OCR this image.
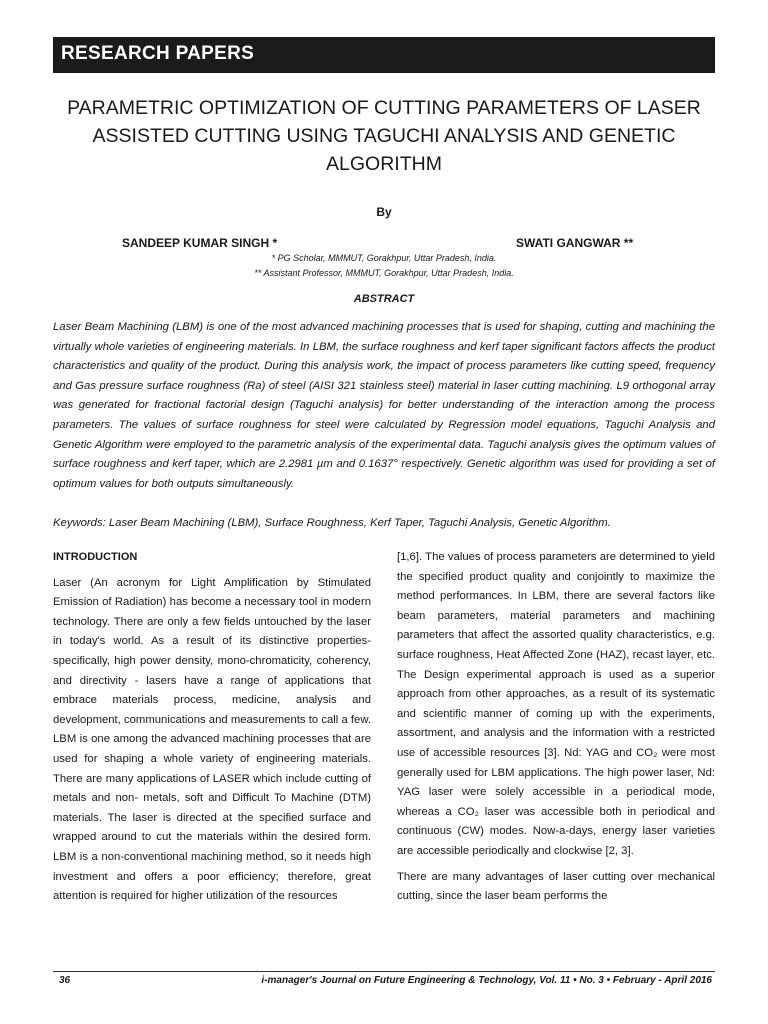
RESEARCH PAPERS
PARAMETRIC OPTIMIZATION OF CUTTING PARAMETERS OF LASER
ASSISTED CUTTING USING TAGUCHI ANALYSIS AND GENETIC
ALGORITHM
By
SANDEEP KUMAR SINGH *	SWATI GANGWAR **
* PG Scholar, MMMUT, Gorakhpur, Uttar Pradesh, India.
** Assistant Professor, MMMUT, Gorakhpur, Uttar Pradesh, India.
ABSTRACT

Laser Beam Machining (LBM) is one of the most advanced machining processes that is used for shaping, cutting and machining the virtually whole varieties of engineering materials. In LBM, the surface roughness and kerf taper significant factors affects the product characteristics and quality of the product. During this analysis work, the impact of process parameters like cutting speed, frequency and Gas pressure surface roughness (Ra) of steel (AISI 321 stainless steel) material in laser cutting machining. L9 orthogonal array was generated for fractional factorial design (Taguchi analysis) for better understanding of the interaction among the process parameters. The values of surface roughness for steel were calculated by Regression model equations, Taguchi Analysis and Genetic Algorithm were employed to the parametric analysis of the experimental data. Taguchi analysis gives the optimum values of surface roughness and kerf taper, which are 2.2981 µm and 0.1637° respectively. Genetic algorithm was used for providing a set of optimum values for both outputs simultaneously.

Keywords: Laser Beam Machining (LBM), Surface Roughness, Kerf Taper, Taguchi Analysis, Genetic Algorithm.

INTRODUCTION

Laser (An acronym for Light Amplification by Stimulated Emission of Radiation) has become a necessary tool in modern technology. There are only a few fields untouched by the laser in today's world. As a result of its distinctive properties-specifically, high power density, mono-chromaticity, coherency, and directivity - lasers have a range of applications that embrace materials process, medicine, analysis and development, communications and measurements to call a few. LBM is one among the advanced machining processes that are used for shaping a whole variety of engineering materials. There are many applications of LASER which include cutting of metals and non- metals, soft and Difficult To Machine (DTM) materials. The laser is directed at the specified surface and wrapped around to cut the materials within the desired form. LBM is a non-conventional machining method, so it needs high investment and offers a poor efficiency; therefore, great attention is required for higher utilization of the resources

[1,6]. The values of process parameters are determined to yield the specified product quality and conjointly to maximize the method performances. In LBM, there are several factors like beam parameters, material parameters and machining parameters that affect the assorted quality characteristics, e.g. surface roughness, Heat Affected Zone (HAZ), recast layer, etc. The Design experimental approach is used as a superior approach from other approaches, as a result of its systematic and scientific manner of coming up with the experiments, assortment, and analysis and the information with a restricted use of accessible resources [3]. Nd: YAG and CO₂ were most generally used for LBM applications. The high power laser, Nd: YAG laser were solely accessible in a periodical mode, whereas a CO₂ laser was accessible both in periodical and continuous (CW) modes. Now-a-days, energy laser varieties are accessible periodically and clockwise [2, 3].

There are many advantages of laser cutting over mechanical cutting, since the laser beam performs the

36	i-manager's Journal on Future Engineering & Technology, Vol. 11 • No. 3 • February - April 2016
